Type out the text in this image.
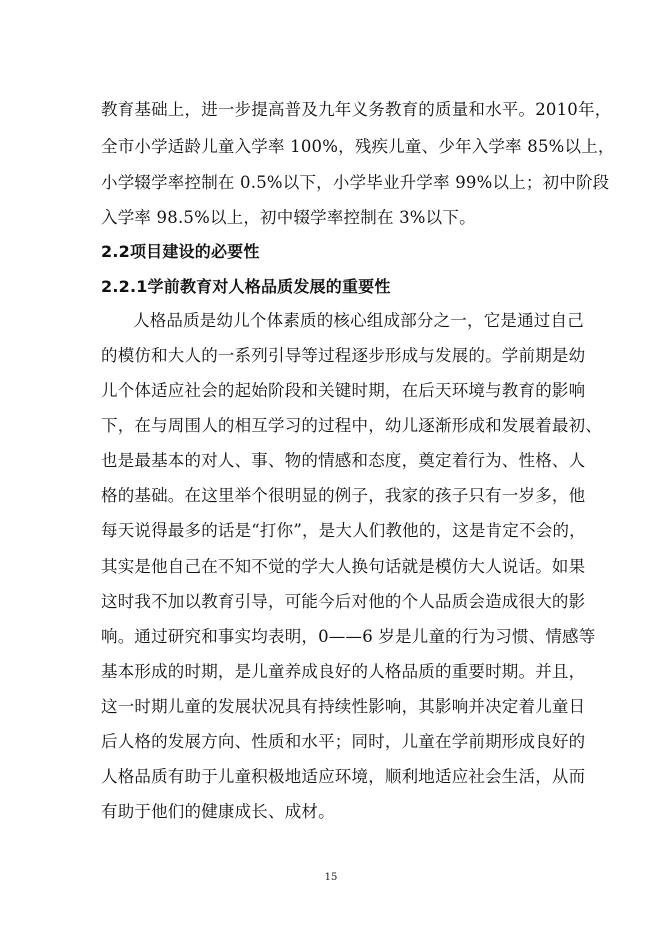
教育基础上，进一步提高普及九年义务教育的质量和水平。2010年，
全市小学适龄儿童入学率 100%，残疾儿童、少年入学率 85%以上，
小学辍学率控制在 0.5%以下，小学毕业升学率 99%以上；初中阶段
入学率 98.5%以上，初中辍学率控制在 3%以下。
2.2项目建设的必要性
2.2.1学前教育对人格品质发展的重要性
人格品质是幼儿个体素质的核心组成部分之一，它是通过自己
的模仿和大人的一系列引导等过程逐步形成与发展的。学前期是幼
儿个体适应社会的起始阶段和关键时期，在后天环境与教育的影响
下，在与周围人的相互学习的过程中，幼儿逐渐形成和发展着最初、
也是最基本的对人、事、物的情感和态度，奠定着行为、性格、人
格的基础。在这里举个很明显的例子，我家的孩子只有一岁多，他
每天说得最多的话是“打你”，是大人们教他的，这是肯定不会的，
其实是他自己在不知不觉的学大人换句话就是模仿大人说话。如果
这时我不加以教育引导，可能今后对他的个人品质会造成很大的影
响。通过研究和事实均表明，0——6 岁是儿童的行为习惯、情感等
基本形成的时期，是儿童养成良好的人格品质的重要时期。并且，
这一时期儿童的发展状况具有持续性影响，其影响并决定着儿童日
后人格的发展方向、性质和水平；同时，儿童在学前期形成良好的
人格品质有助于儿童积极地适应环境，顺利地适应社会生活，从而
有助于他们的健康成长、成材。
15
